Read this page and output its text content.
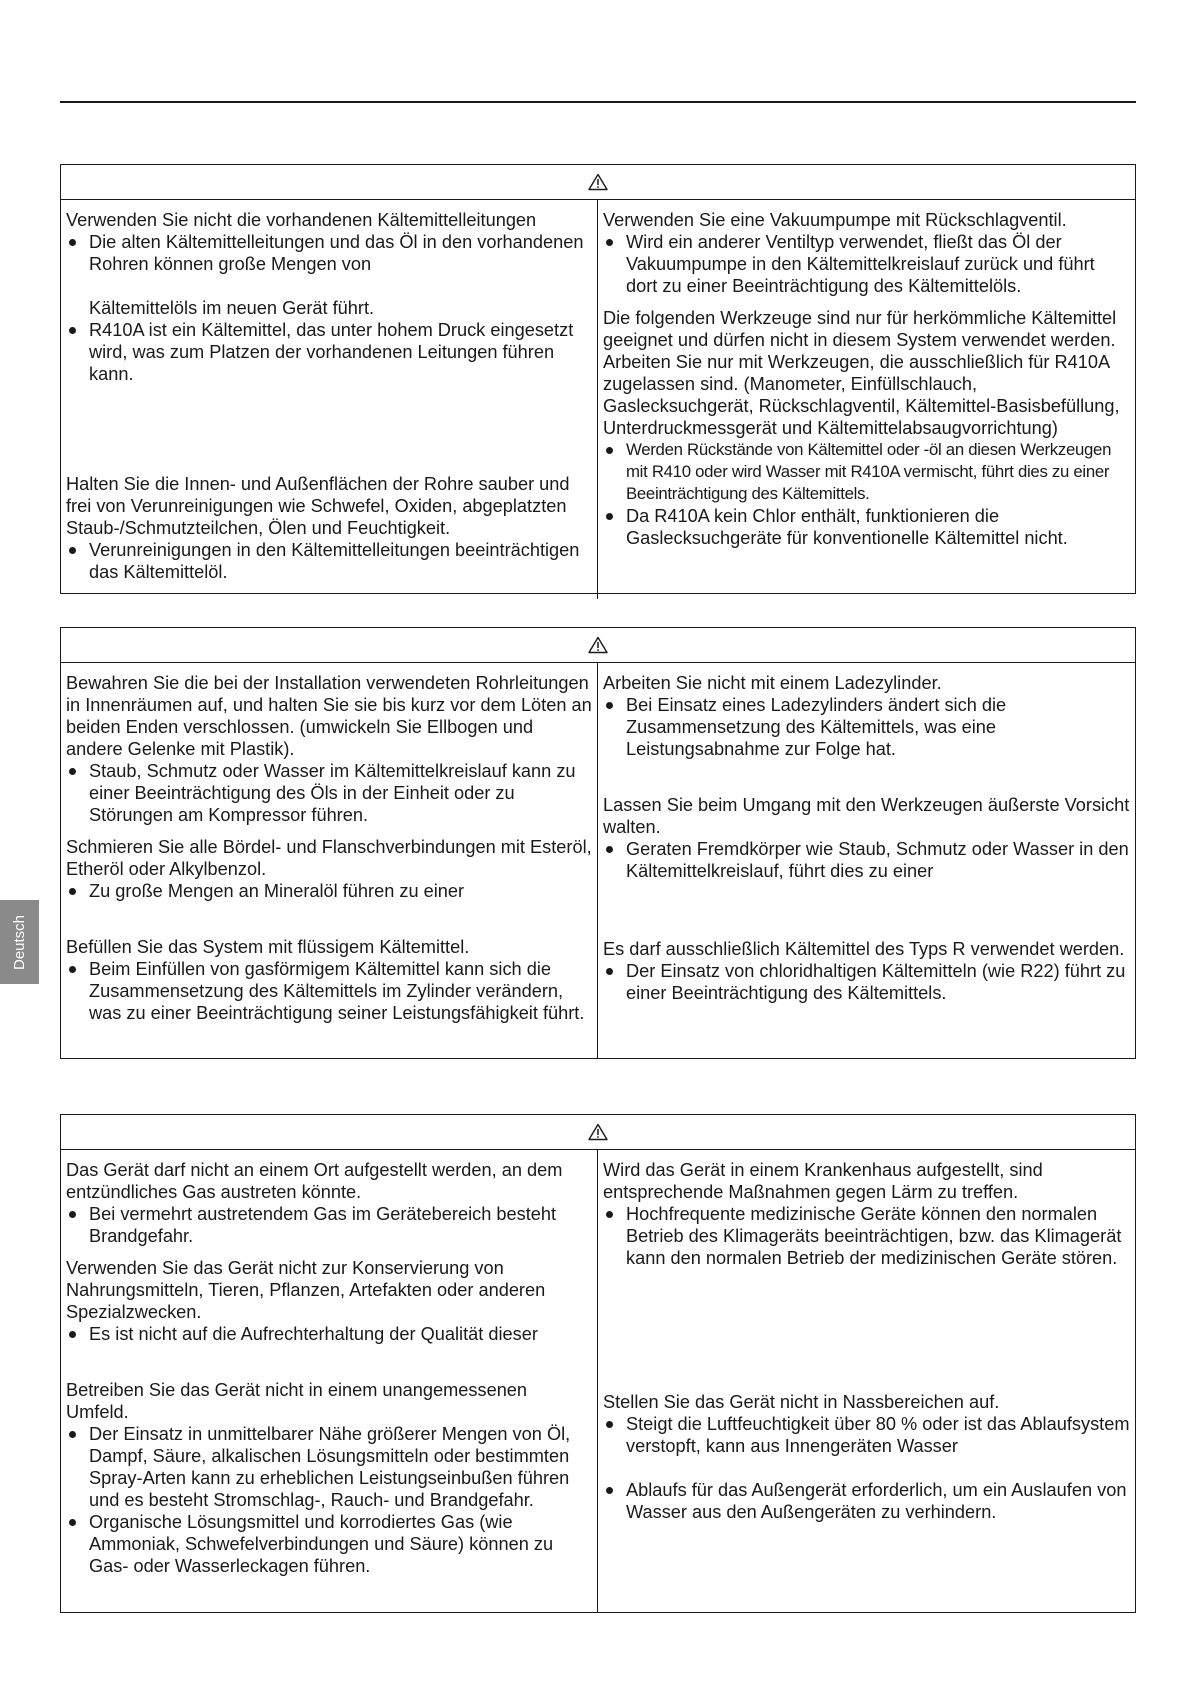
Deutsch
Verwenden Sie nicht die vorhandenen Kältemittelleitungen
Die alten Kältemittelleitungen und das Öl in den vorhandenen Rohren können große Mengen von
Kältemittelöls im neuen Gerät führt.
R410A ist ein Kältemittel, das unter hohem Druck eingesetzt wird, was zum Platzen der vorhandenen Leitungen führen kann.
Halten Sie die Innen- und Außenflächen der Rohre sauber und frei von Verunreinigungen wie Schwefel, Oxiden, abgeplatzten Staub-/Schmutzteilchen, Ölen und Feuchtigkeit.
Verunreinigungen in den Kältemittelleitungen beeinträchtigen das Kältemittelöl.
Verwenden Sie eine Vakuumpumpe mit Rückschlagventil.
Wird ein anderer Ventiltyp verwendet, fließt das Öl der Vakuumpumpe in den Kältemittelkreislauf zurück und führt dort zu einer Beeinträchtigung des Kältemittelöls.
Die folgenden Werkzeuge sind nur für herkömmliche Kältemittel geeignet und dürfen nicht in diesem System verwendet werden. Arbeiten Sie nur mit Werkzeugen, die ausschließlich für R410A zugelassen sind. (Manometer, Einfüllschlauch, Gaslecksuchgerät, Rückschlagventil, Kältemittel-Basisbefüllung, Unterdruckmessgerät und Kältemittelabsaugvorrichtung)
Werden Rückstände von Kältemittel oder -öl an diesen Werkzeugen mit R410 oder wird Wasser mit R410A vermischt, führt dies zu einer Beeinträchtigung des Kältemittels.
Da R410A kein Chlor enthält, funktionieren die Gaslecksuchgeräte für konventionelle Kältemittel nicht.
Bewahren Sie die bei der Installation verwendeten Rohrleitungen in Innenräumen auf, und halten Sie sie bis kurz vor dem Löten an beiden Enden verschlossen. (umwickeln Sie Ellbogen und andere Gelenke mit Plastik).
Staub, Schmutz oder Wasser im Kältemittelkreislauf kann zu einer Beeinträchtigung des Öls in der Einheit oder zu Störungen am Kompressor führen.
Schmieren Sie alle Bördel- und Flanschverbindungen mit Esteröl, Etheröl oder Alkylbenzol.
Zu große Mengen an Mineralöl führen zu einer
Befüllen Sie das System mit flüssigem Kältemittel.
Beim Einfüllen von gasförmigem Kältemittel kann sich die Zusammensetzung des Kältemittels im Zylinder verändern, was zu einer Beeinträchtigung seiner Leistungsfähigkeit führt.
Arbeiten Sie nicht mit einem Ladezylinder.
Bei Einsatz eines Ladezylinders ändert sich die Zusammensetzung des Kältemittels, was eine Leistungsabnahme zur Folge hat.
Lassen Sie beim Umgang mit den Werkzeugen äußerste Vorsicht walten.
Geraten Fremdkörper wie Staub, Schmutz oder Wasser in den Kältemittelkreislauf, führt dies zu einer
Es darf ausschließlich Kältemittel des Typs R verwendet werden.
Der Einsatz von chloridhaltigen Kältemitteln (wie R22) führt zu einer Beeinträchtigung des Kältemittels.
Das Gerät darf nicht an einem Ort aufgestellt werden, an dem entzündliches Gas austreten könnte.
Bei vermehrt austretendem Gas im Gerätebereich besteht Brandgefahr.
Verwenden Sie das Gerät nicht zur Konservierung von Nahrungsmitteln, Tieren, Pflanzen, Artefakten oder anderen Spezialzwecken.
Es ist nicht auf die Aufrechterhaltung der Qualität dieser
Betreiben Sie das Gerät nicht in einem unangemessenen Umfeld.
Der Einsatz in unmittelbarer Nähe größerer Mengen von Öl, Dampf, Säure, alkalischen Lösungsmitteln oder bestimmten Spray-Arten kann zu erheblichen Leistungseinbußen führen und es besteht Stromschlag-, Rauch- und Brandgefahr.
Organische Lösungsmittel und korrodiertes Gas (wie Ammoniak, Schwefelverbindungen und Säure) können zu Gas- oder Wasserleckagen führen.
Wird das Gerät in einem Krankenhaus aufgestellt, sind entsprechende Maßnahmen gegen Lärm zu treffen.
Hochfrequente medizinische Geräte können den normalen Betrieb des Klimageräts beeinträchtigen, bzw. das Klimagerät kann den normalen Betrieb der medizinischen Geräte stören.
Stellen Sie das Gerät nicht in Nassbereichen auf.
Steigt die Luftfeuchtigkeit über 80 % oder ist das Ablaufsystem verstopft, kann aus Innengeräten Wasser
Ablaufs für das Außengerät erforderlich, um ein Auslaufen von Wasser aus den Außengeräten zu verhindern.
